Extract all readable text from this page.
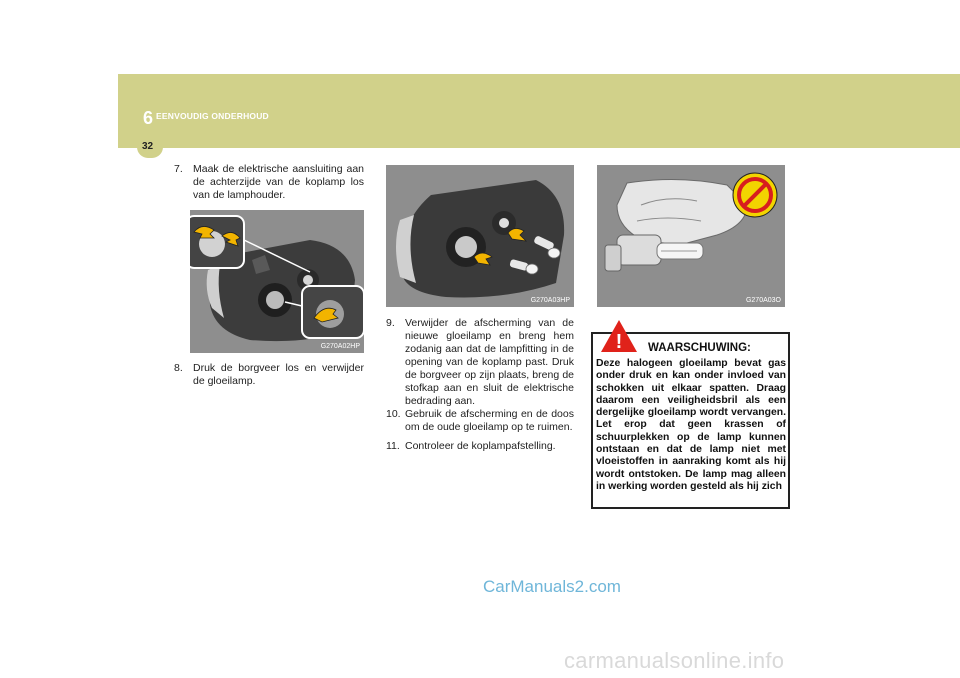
6 EENVOUDIG ONDERHOUD
32
7. Maak de elektrische aansluiting aan de achterzijde van de koplamp los van de lamphouder.
G270A02HP
8. Druk de borgveer los en verwijder de gloeilamp.
G270A03HP
9. Verwijder de afscherming van de nieuwe gloeilamp en breng hem zodanig aan dat de lampfitting in de opening van de koplamp past. Druk de borgveer op zijn plaats, breng de stofkap aan en sluit de elektrische bedrading aan.
10. Gebruik de afscherming en de doos om de oude gloeilamp op te ruimen.
11. Controleer de koplampafstelling.
G270A03O
! WAARSCHUWING:
Deze halogeen gloeilamp bevat gas onder druk en kan onder invloed van schokken uit elkaar spatten. Draag daarom een veiligheidsbril als een dergelijke gloeilamp wordt vervangen. Let erop dat geen krassen of schuurplekken op de lamp kunnen ontstaan en dat de lamp niet met vloeistoffen in aanraking komt als hij wordt ontstoken. De lamp mag alleen in werking worden gesteld als hij zich
CarManuals2.com
carmanualsonline.info
